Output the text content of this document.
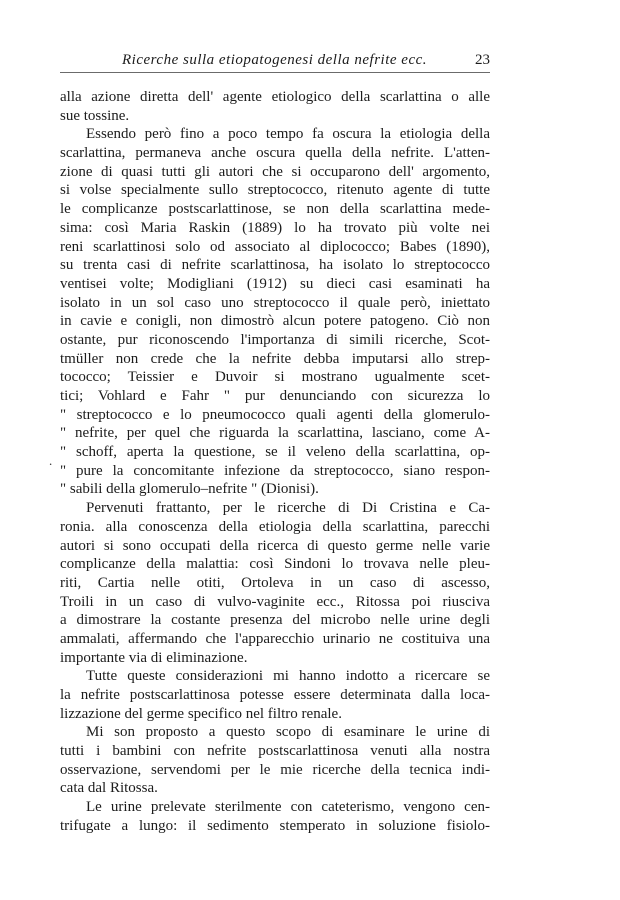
Ricerche sulla etiopatogenesi della nefrite ecc.	23
.
alla azione diretta dell' agente etiologico della scarlattina o alle
sue tossine.
Essendo però fino a poco tempo fa oscura la etiologia della
scarlattina, permaneva anche oscura quella della nefrite. L'atten-
zione di quasi tutti gli autori che si occuparono dell' argomento,
si volse specialmente sullo streptococco, ritenuto agente di tutte
le complicanze postscarlattinose, se non della scarlattina mede-
sima: così Maria Raskin (1889) lo ha trovato più volte nei
reni scarlattinosi solo od associato al diplococco; Babes (1890),
su trenta casi di nefrite scarlattinosa, ha isolato lo streptococco
ventisei volte; Modigliani (1912) su dieci casi esaminati ha
isolato in un sol caso uno streptococco il quale però, iniettato
in cavie e conigli, non dimostrò alcun potere patogeno. Ciò non
ostante, pur riconoscendo l'importanza di simili ricerche, Scot-
tmüller non crede che la nefrite debba imputarsi allo strep-
tococco; Teissier e Duvoir si mostrano ugualmente scet-
tici; Vohlard e Fahr " pur denunciando con sicurezza lo
" streptococco e lo pneumococco quali agenti della glomerulo-
" nefrite, per quel che riguarda la scarlattina, lasciano, come A-
" schoff, aperta la questione, se il veleno della scarlattina, op-
" pure la concomitante infezione da streptococco, siano respon-
" sabili della glomerulo–nefrite " (Dionisi).
Pervenuti frattanto, per le ricerche di Di Cristina e Ca-
ronia. alla conoscenza della etiologia della scarlattina, parecchi
autori si sono occupati della ricerca di questo germe nelle varie
complicanze della malattia: così Sindoni lo trovava nelle pleu-
riti, Cartia nelle otiti, Ortoleva in un caso di ascesso,
Troili in un caso di vulvo-vaginite ecc., Ritossa poi riusciva
a dimostrare la costante presenza del microbo nelle urine degli
ammalati, affermando che l'apparecchio urinario ne costituiva una
importante via di eliminazione.
Tutte queste considerazioni mi hanno indotto a ricercare se
la nefrite postscarlattinosa potesse essere determinata dalla loca-
lizzazione del germe specifico nel filtro renale.
Mi son proposto a questo scopo di esaminare le urine di
tutti i bambini con nefrite postscarlattinosa venuti alla nostra
osservazione, servendomi per le mie ricerche della tecnica indi-
cata dal Ritossa.
Le urine prelevate sterilmente con cateterismo, vengono cen-
trifugate a lungo: il sedimento stemperato in soluzione fisiolo-
